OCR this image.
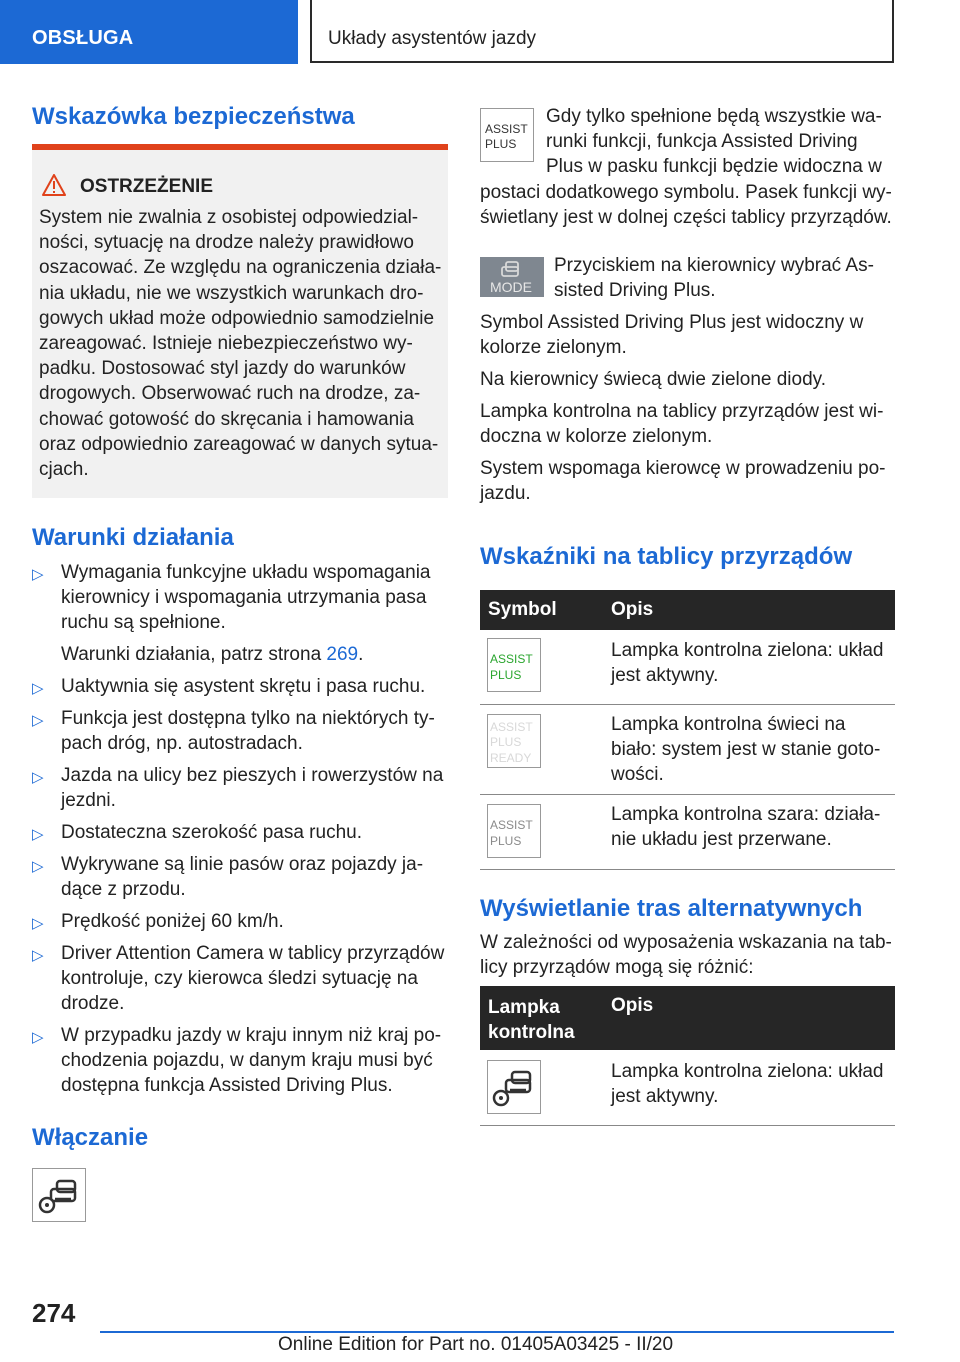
OBSŁUGA	Układy asystentów jazdy
Wskazówka bezpieczeństwa
OSTRZEŻENIE
System nie zwalnia z osobistej odpowiedzial-
ności, sytuację na drodze należy prawidłowo
oszacować. Ze względu na ograniczenia działa-
nia układu, nie we wszystkich warunkach dro-
gowych układ może odpowiednio samodzielnie
zareagować. Istnieje niebezpieczeństwo wy-
padku. Dostosować styl jazdy do warunków
drogowych. Obserwować ruch na drodze, za-
chować gotowość do skręcania i hamowania
oraz odpowiednio zareagować w danych sytua-
cjach.
Warunki działania
▷ Wymagania funkcyjne układu wspomagania
kierownicy i wspomagania utrzymania pasa
ruchu są spełnione.
Warunki działania, patrz strona 269.
▷ Uaktywnia się asystent skrętu i pasa ruchu.
▷ Funkcja jest dostępna tylko na niektórych ty-
pach dróg, np. autostradach.
▷ Jazda na ulicy bez pieszych i rowerzystów na
jezdni.
▷ Dostateczna szerokość pasa ruchu.
▷ Wykrywane są linie pasów oraz pojazdy ja-
dące z przodu.
▷ Prędkość poniżej 60 km/h.
▷ Driver Attention Camera w tablicy przyrządów
kontroluje, czy kierowca śledzi sytuację na
drodze.
▷ W przypadku jazdy w kraju innym niż kraj po-
chodzenia pojazdu, w danym kraju musi być
dostępna funkcja Assisted Driving Plus.
Włączanie
ASSIST
PLUS
Gdy tylko spełnione będą wszystkie wa-
runki funkcji, funkcja Assisted Driving
Plus w pasku funkcji będzie widoczna w
postaci dodatkowego symbolu. Pasek funkcji wy-
świetlany jest w dolnej części tablicy przyrządów.
MODE
Przyciskiem na kierownicy wybrać As-
sisted Driving Plus.
Symbol Assisted Driving Plus jest widoczny w
kolorze zielonym.
Na kierownicy świecą dwie zielone diody.
Lampka kontrolna na tablicy przyrządów jest wi-
doczna w kolorze zielonym.
System wspomaga kierowcę w prowadzeniu po-
jazdu.
Wskaźniki na tablicy przyrządów
Symbol	Opis
ASSIST
PLUS
Lampka kontrolna zielona: układ
jest aktywny.
ASSIST
PLUS
READY
Lampka kontrolna świeci na
biało: system jest w stanie goto-
wości.
ASSIST
PLUS
Lampka kontrolna szara: działa-
nie układu jest przerwane.
Wyświetlanie tras alternatywnych
W zależności od wyposażenia wskazania na tab-
licy przyrządów mogą się różnić:
Lampka
kontrolna
Opis
Lampka kontrolna zielona: układ
jest aktywny.
274
Online Edition for Part no. 01405A03425 - II/20
